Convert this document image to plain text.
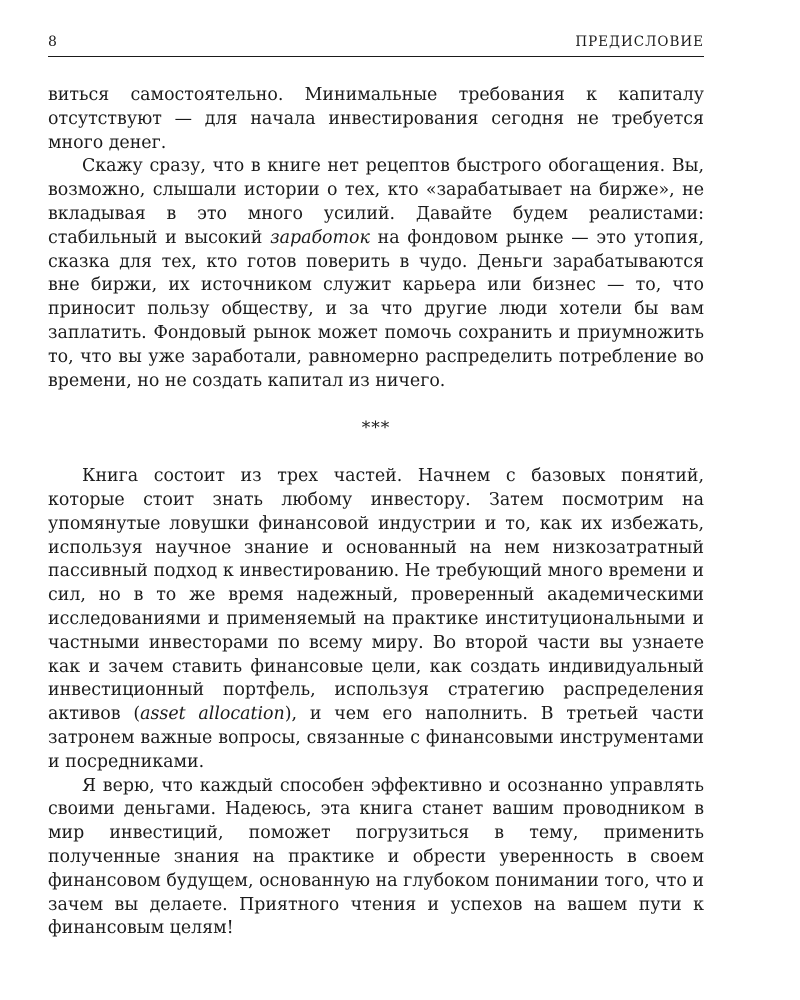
8	ПРЕДИСЛОВИЕ

виться самостоятельно. Минимальные требования к капиталу отсутствуют — для начала инвестирования сегодня не требуется много денег.

Скажу сразу, что в книге нет рецептов быстрого обогащения. Вы, возможно, слышали истории о тех, кто «зарабатывает на бирже», не вкладывая в это много усилий. Давайте будем реалистами: стабильный и высокий заработок на фондовом рынке — это утопия, сказка для тех, кто готов поверить в чудо. Деньги зарабатываются вне биржи, их источником служит карьера или бизнес — то, что приносит пользу обществу, и за что другие люди хотели бы вам заплатить. Фондовый рынок может помочь сохранить и приумножить то, что вы уже заработали, равномерно распределить потребление во времени, но не создать капитал из ничего.

***

Книга состоит из трех частей. Начнем с базовых понятий, которые стоит знать любому инвестору. Затем посмотрим на упомянутые ловушки финансовой индустрии и то, как их избежать, используя научное знание и основанный на нем низкозатратный пассивный подход к инвестированию. Не требующий много времени и сил, но в то же время надежный, проверенный академическими исследованиями и применяемый на практике институциональными и частными инвесторами по всему миру. Во второй части вы узнаете как и зачем ставить финансовые цели, как создать индивидуальный инвестиционный портфель, используя стратегию распределения активов (asset allocation), и чем его наполнить. В третьей части затронем важные вопросы, связанные с финансовыми инструментами и посредниками.

Я верю, что каждый способен эффективно и осознанно управлять своими деньгами. Надеюсь, эта книга станет вашим проводником в мир инвестиций, поможет погрузиться в тему, применить полученные знания на практике и обрести уверенность в своем финансовом будущем, основанную на глубоком понимании того, что и зачем вы делаете. Приятного чтения и успехов на вашем пути к финансовым целям!
